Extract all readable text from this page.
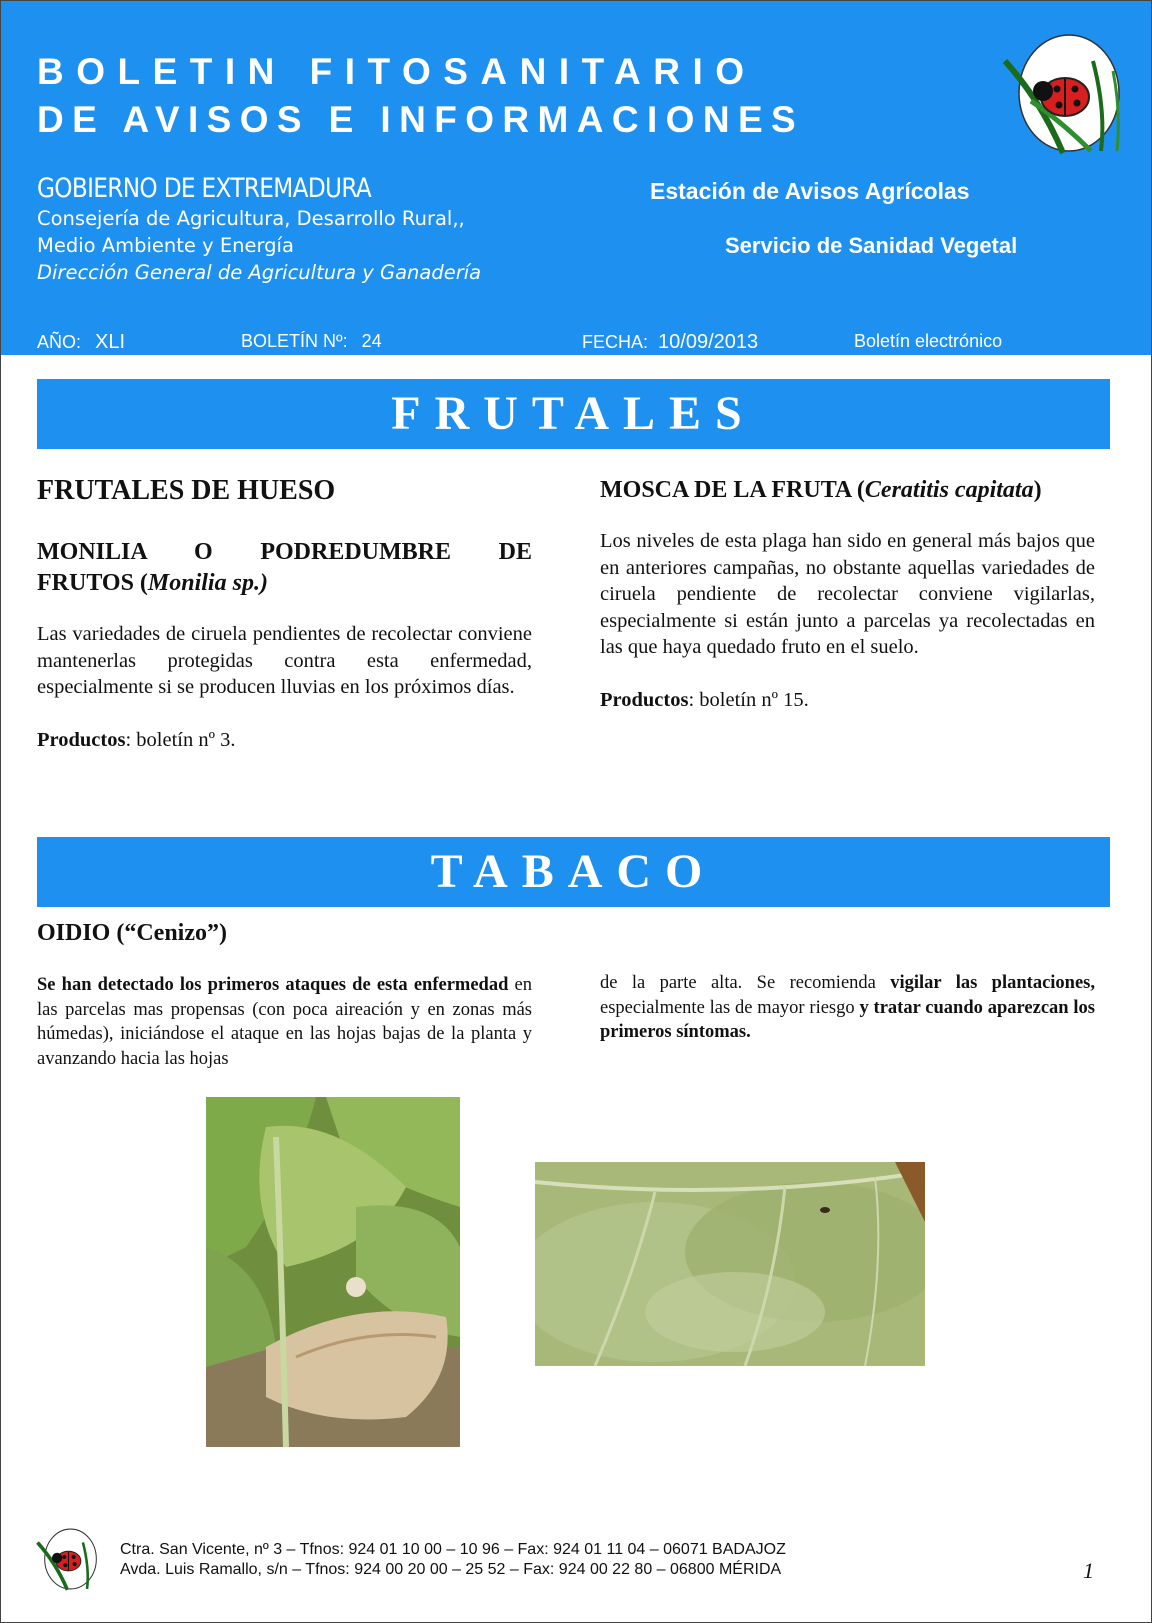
BOLETIN FITOSANITARIO
DE AVISOS E INFORMACIONES
GOBIERNO DE EXTREMADURA
Consejería de Agricultura, Desarrollo Rural,,
Medio Ambiente y Energía
Dirección General de Agricultura y Ganadería
Estación de Avisos Agrícolas
Servicio de Sanidad Vegetal
AÑO: XLI	BOLETÍN Nº: 24	FECHA: 10/09/2013	Boletín electrónico
FRUTALES
FRUTALES DE HUESO
MONILIA O PODREDUMBRE DE
FRUTOS (Monilia sp.)

Las variedades de ciruela pendientes de recolectar conviene mantenerlas protegidas contra esta enfermedad, especialmente si se producen lluvias en los próximos días.

Productos: boletín nº 3.

MOSCA DE LA FRUTA (Ceratitis capitata)

Los niveles de esta plaga han sido en general más bajos que en anteriores campañas, no obstante aquellas variedades de ciruela pendiente de recolectar conviene vigilarlas, especialmente si están junto a parcelas ya recolectadas en las que haya quedado fruto en el suelo.

Productos: boletín nº 15.

TABACO
OIDIO (“Cenizo”)

Se han detectado los primeros ataques de esta enfermedad en las parcelas mas propensas (con poca aireación y en zonas más húmedas), iniciándose el ataque en las hojas bajas de la planta y avanzando hacia las hojas

de la parte alta. Se recomienda vigilar las plantaciones, especialmente las de mayor riesgo y tratar cuando aparezcan los primeros síntomas.

Ctra. San Vicente, nº 3 – Tfnos: 924 01 10 00 – 10 96 – Fax: 924 01 11 04 – 06071 BADAJOZ
Avda. Luis Ramallo, s/n – Tfnos: 924 00 20 00 – 25 52 – Fax: 924 00 22 80 – 06800 MÉRIDA	1
